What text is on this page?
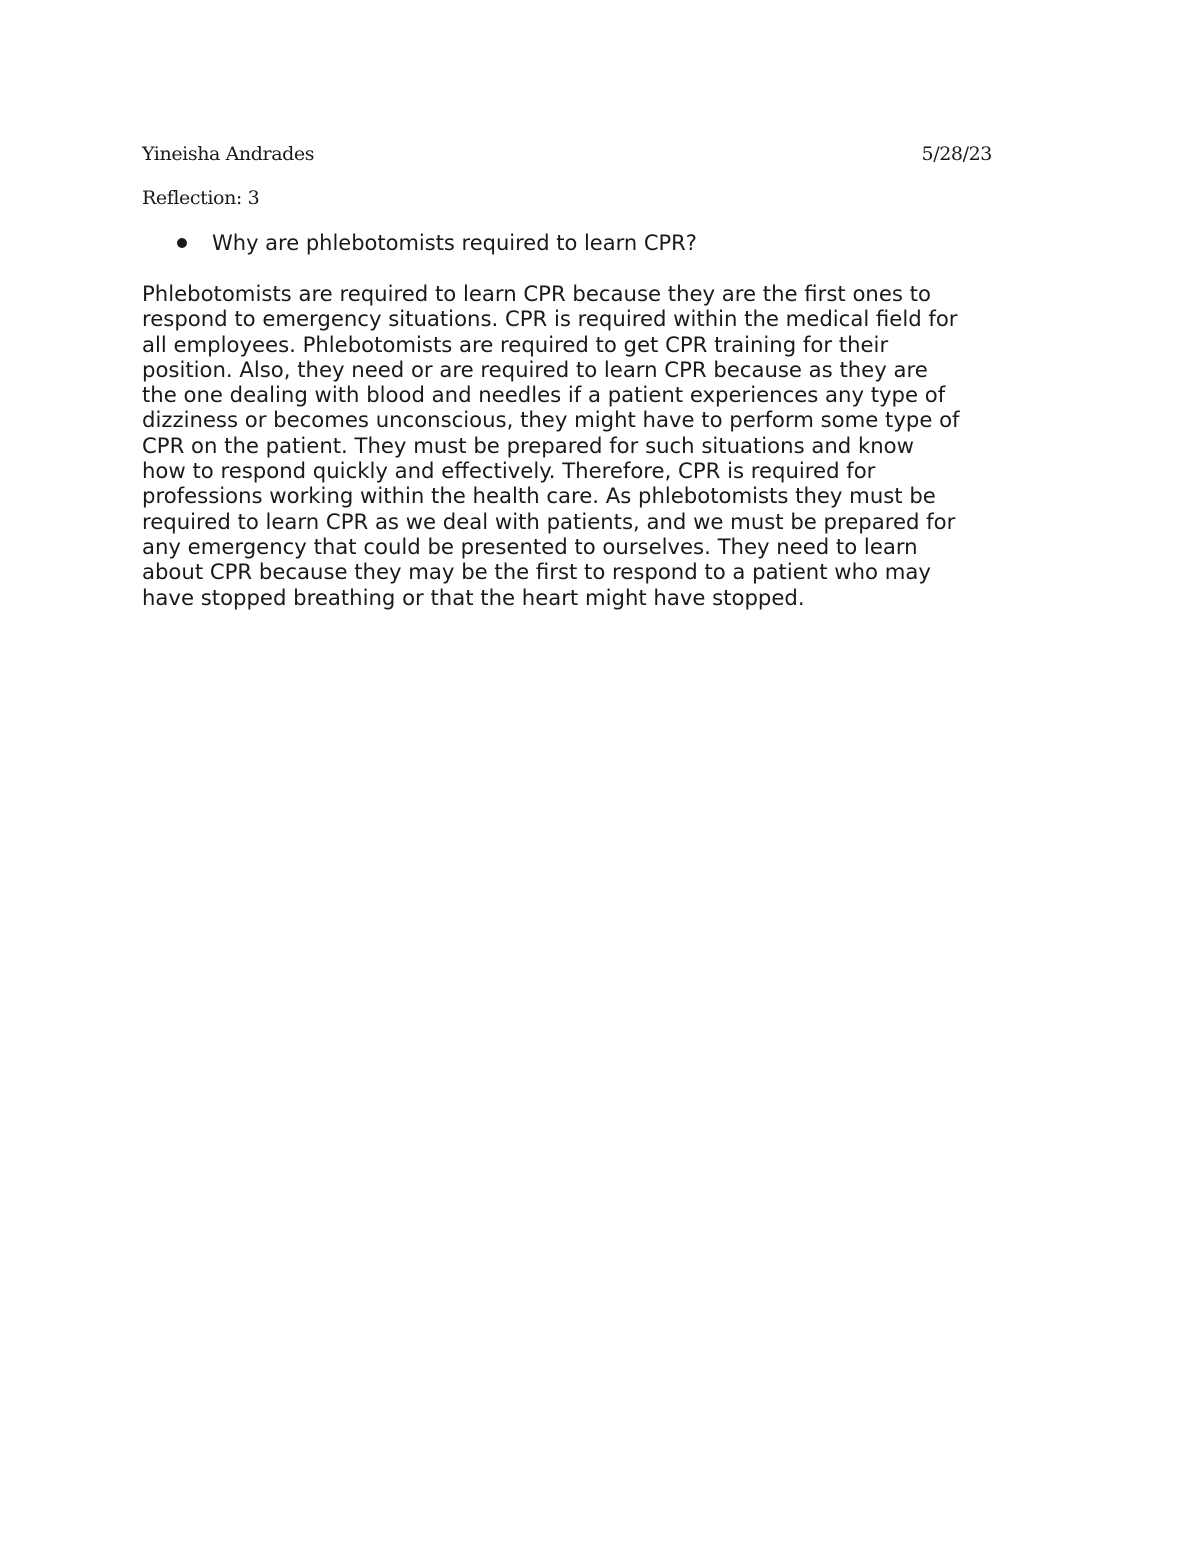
Yineisha Andrades	5/28/23
Reflection: 3
Why are phlebotomists required to learn CPR?

Phlebotomists are required to learn CPR because they are the first ones to
respond to emergency situations. CPR is required within the medical field for
all employees. Phlebotomists are required to get CPR training for their
position. Also, they need or are required to learn CPR because as they are
the one dealing with blood and needles if a patient experiences any type of
dizziness or becomes unconscious, they might have to perform some type of
CPR on the patient. They must be prepared for such situations and know
how to respond quickly and effectively. Therefore, CPR is required for
professions working within the health care. As phlebotomists they must be
required to learn CPR as we deal with patients, and we must be prepared for
any emergency that could be presented to ourselves. They need to learn
about CPR because they may be the first to respond to a patient who may
have stopped breathing or that the heart might have stopped.
